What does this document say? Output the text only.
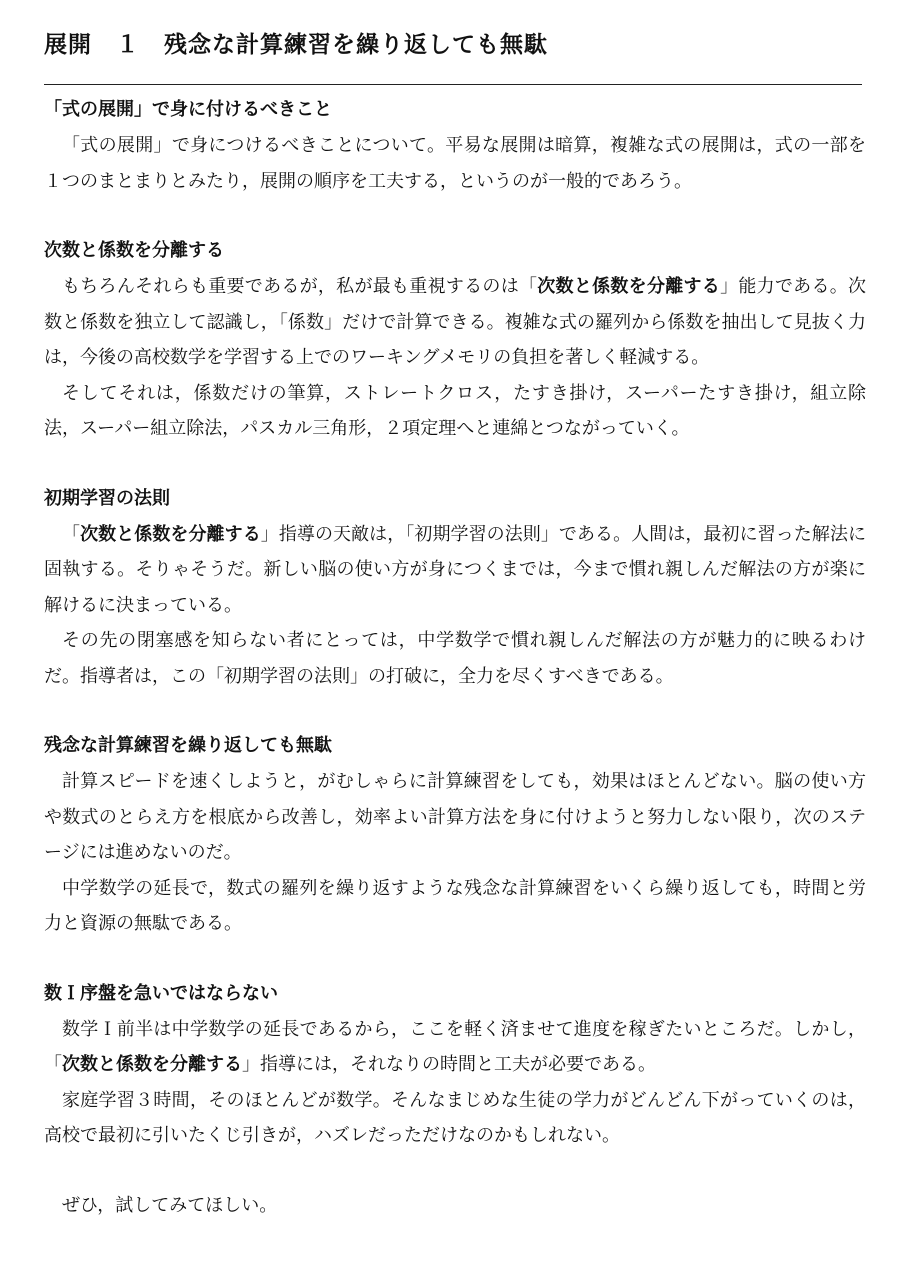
展開　１　残念な計算練習を繰り返しても無駄
「式の展開」で身に付けるべきこと

「式の展開」で身につけるべきことについて。平易な展開は暗算，複雑な式の展開は，式の一部を１つのまとまりとみたり，展開の順序を工夫する，というのが一般的であろう。

次数と係数を分離する

もちろんそれらも重要であるが，私が最も重視するのは「次数と係数を分離する」能力である。次数と係数を独立して認識し，「係数」だけで計算できる。複雑な式の羅列から係数を抽出して見抜く力は，今後の高校数学を学習する上でのワーキングメモリの負担を著しく軽減する。

そしてそれは，係数だけの筆算，ストレートクロス，たすき掛け，スーパーたすき掛け，組立除法，スーパー組立除法，パスカル三角形，２項定理へと連綿とつながっていく。

初期学習の法則

「次数と係数を分離する」指導の天敵は，「初期学習の法則」である。人間は，最初に習った解法に固執する。そりゃそうだ。新しい脳の使い方が身につくまでは，今まで慣れ親しんだ解法の方が楽に解けるに決まっている。

その先の閉塞感を知らない者にとっては，中学数学で慣れ親しんだ解法の方が魅力的に映るわけだ。指導者は，この「初期学習の法則」の打破に，全力を尽くすべきである。

残念な計算練習を繰り返しても無駄

計算スピードを速くしようと，がむしゃらに計算練習をしても，効果はほとんどない。脳の使い方や数式のとらえ方を根底から改善し，効率よい計算方法を身に付けようと努力しない限り，次のステージには進めないのだ。

中学数学の延長で，数式の羅列を繰り返すような残念な計算練習をいくら繰り返しても，時間と労力と資源の無駄である。

数Ｉ序盤を急いではならない

数学Ｉ前半は中学数学の延長であるから，ここを軽く済ませて進度を稼ぎたいところだ。しかし，「次数と係数を分離する」指導には，それなりの時間と工夫が必要である。

家庭学習３時間，そのほとんどが数学。そんなまじめな生徒の学力がどんどん下がっていくのは，高校で最初に引いたくじ引きが，ハズレだっただけなのかもしれない。

ぜひ，試してみてほしい。
